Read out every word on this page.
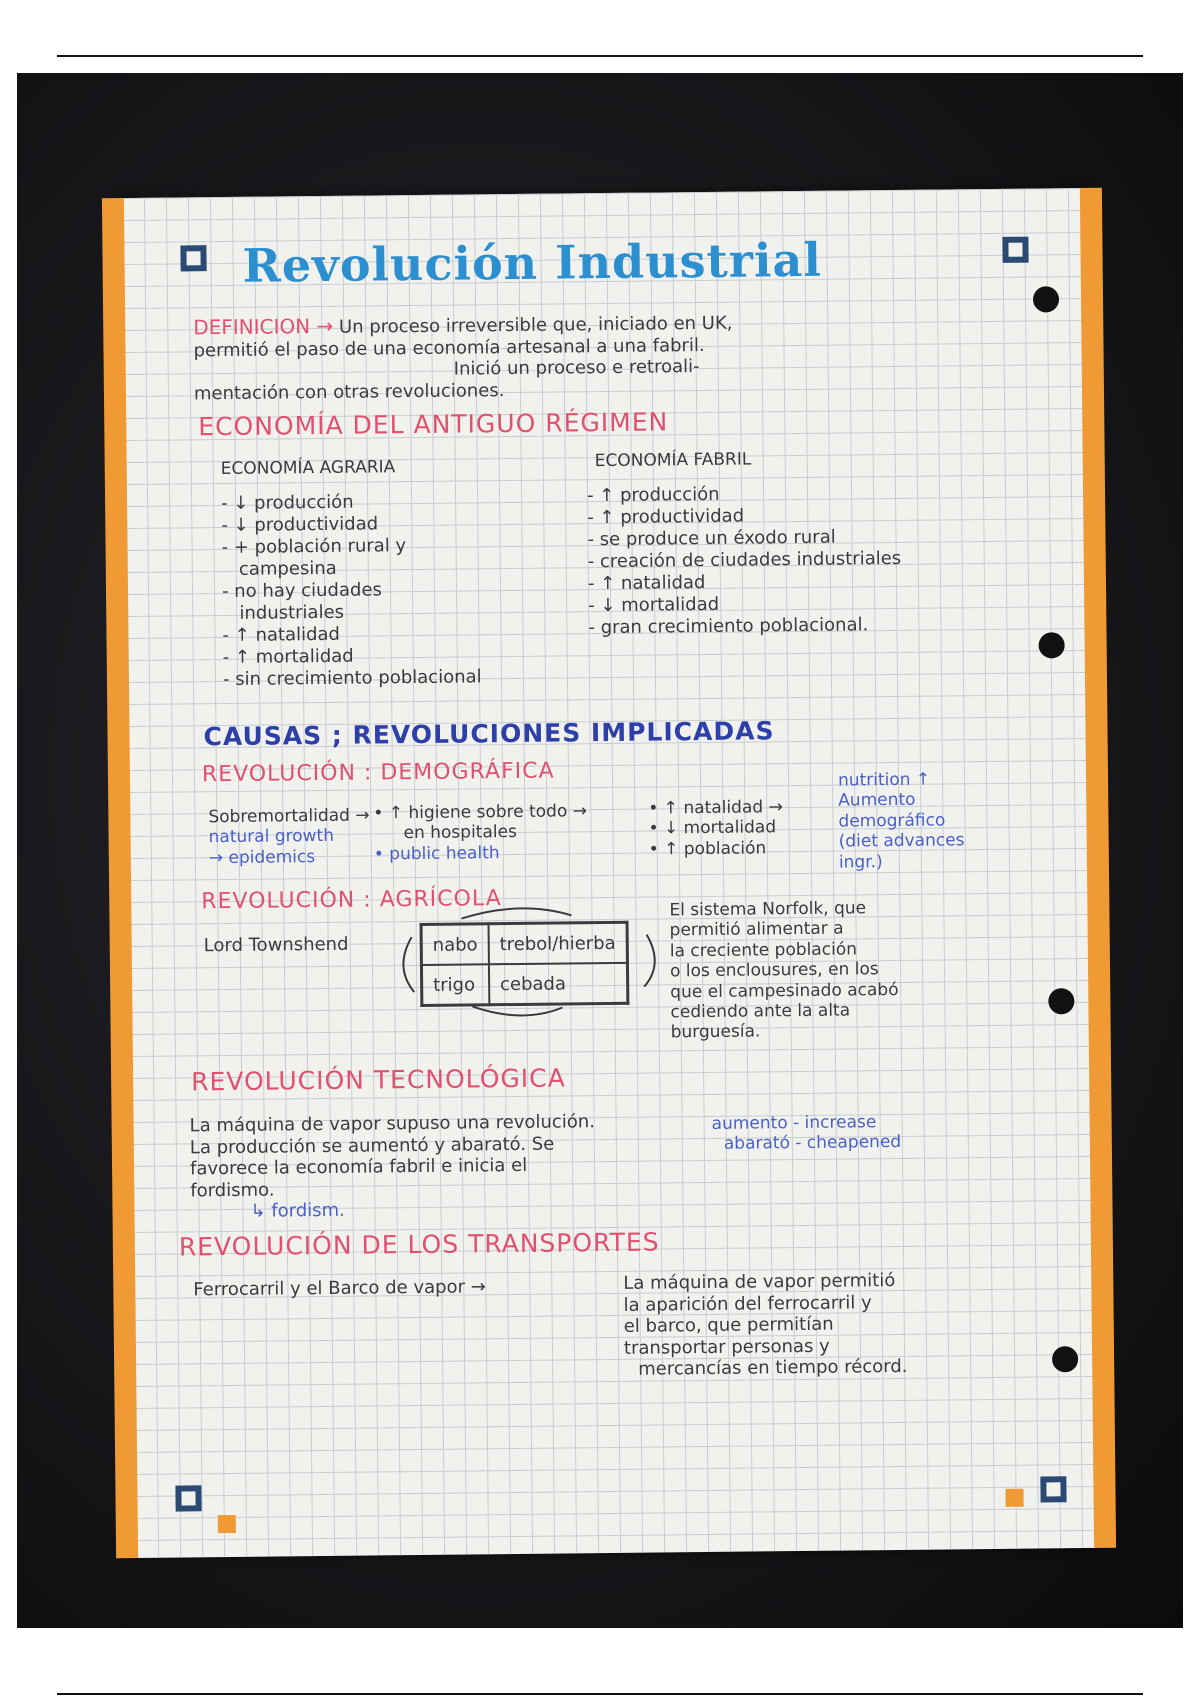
Revolución Industrial
DEFINICION → Un proceso irreversible que, iniciado en UK,
permitió el paso de una economía artesanal a una fabril.
Inició un proceso e retroali-
mentación con otras revoluciones.
ECONOMÍA DEL ANTIGUO RÉGIMEN
ECONOMÍA AGRARIA
- ↓ producción
- ↓ productividad
- + población rural y
campesina
- no hay ciudades
industriales
- ↑ natalidad
- ↑ mortalidad
- sin crecimiento poblacional
ECONOMÍA FABRIL
- ↑ producción
- ↑ productividad
- se produce un éxodo rural
- creación de ciudades industriales
- ↑ natalidad
- ↓ mortalidad
- gran crecimiento poblacional.
CAUSAS ; REVOLUCIONES IMPLICADAS
REVOLUCIÓN : DEMOGRÁFICA
Sobremortalidad →
natural growth
→ epidemics
• ↑ higiene sobre todo →
en hospitales
• public health
• ↑ natalidad →
• ↓ mortalidad
• ↑ población
nutrition ↑
Aumento demográfico
(diet advances ingr.)
REVOLUCIÓN : AGRÍCOLA
Lord Townshend	nabo	trebol/hierba
trigo	cebada
El sistema Norfolk, que
permitió alimentar a
la creciente población
o los enclousures, en los
que el campesinado acabó
cediendo ante la alta
burguesía.
REVOLUCIÓN TECNOLÓGICA
La máquina de vapor supuso una revolución.
La producción se aumentó y abarató. Se
favorece la economía fabril e inicia el
fordismo.
↳ fordism.
aumento - increase
abarató - cheapened
REVOLUCIÓN DE LOS TRANSPORTES
Ferrocarril y el Barco de vapor →	La máquina de vapor permitió
la aparición del ferrocarril y
el barco, que permitían
transportar personas y
mercancías en tiempo récord.
